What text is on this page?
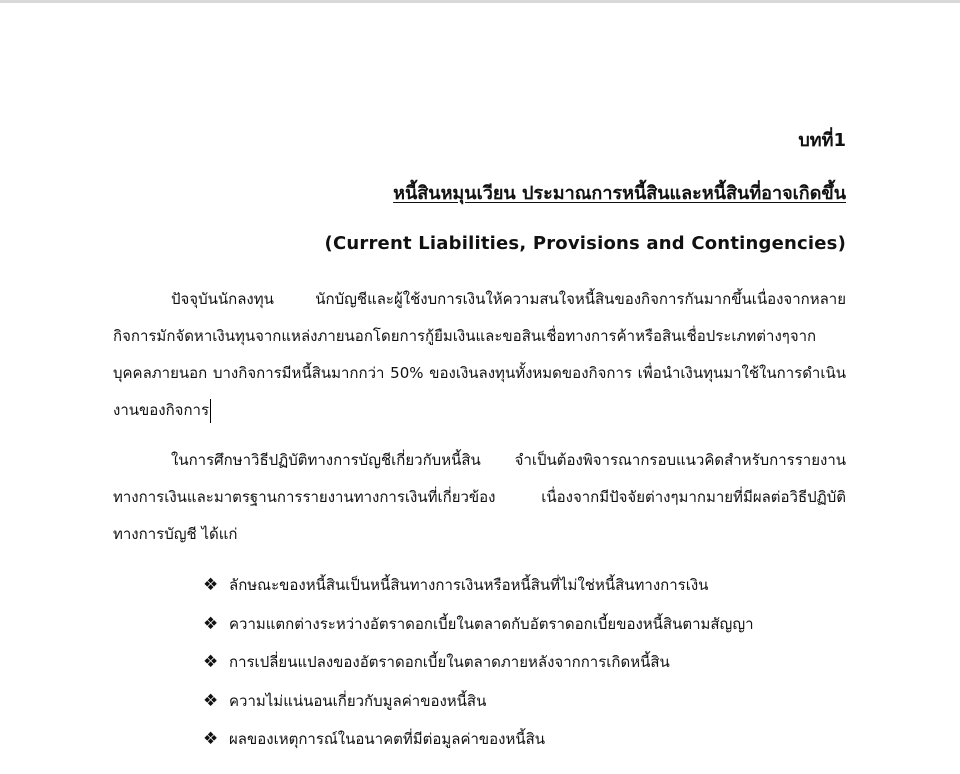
บทที่1
หนี้สินหมุนเวียน ประมาณการหนี้สินและหนี้สินที่อาจเกิดขึ้น
(Current Liabilities, Provisions and Contingencies)

ปัจจุบันนักลงทุน นักบัญชีและผู้ใช้งบการเงินให้ความสนใจหนี้สินของกิจการกันมากขึ้นเนื่องจากหลายกิจการมักจัดหาเงินทุนจากแหล่งภายนอกโดยการกู้ยืมเงินและขอสินเชื่อทางการค้าหรือสินเชื่อประเภทต่างๆจากบุคคลภายนอก บางกิจการมีหนี้สินมากกว่า 50% ของเงินลงทุนทั้งหมดของกิจการ เพื่อนำเงินทุนมาใช้ในการดำเนินงานของกิจการ

ในการศึกษาวิธีปฏิบัติทางการบัญชีเกี่ยวกับหนี้สิน จำเป็นต้องพิจารณากรอบแนวคิดสำหรับการรายงานทางการเงินและมาตรฐานการรายงานทางการเงินที่เกี่ยวข้อง เนื่องจากมีปัจจัยต่างๆมากมายที่มีผลต่อวิธีปฏิบัติทางการบัญชี ได้แก่

❖ ลักษณะของหนี้สินเป็นหนี้สินทางการเงินหรือหนี้สินที่ไม่ใช่หนี้สินทางการเงิน
❖ ความแตกต่างระหว่างอัตราดอกเบี้ยในตลาดกับอัตราดอกเบี้ยของหนี้สินตามสัญญา
❖ การเปลี่ยนแปลงของอัตราดอกเบี้ยในตลาดภายหลังจากการเกิดหนี้สิน
❖ ความไม่แน่นอนเกี่ยวกับมูลค่าของหนี้สิน
❖ ผลของเหตุการณ์ในอนาคตที่มีต่อมูลค่าของหนี้สิน
